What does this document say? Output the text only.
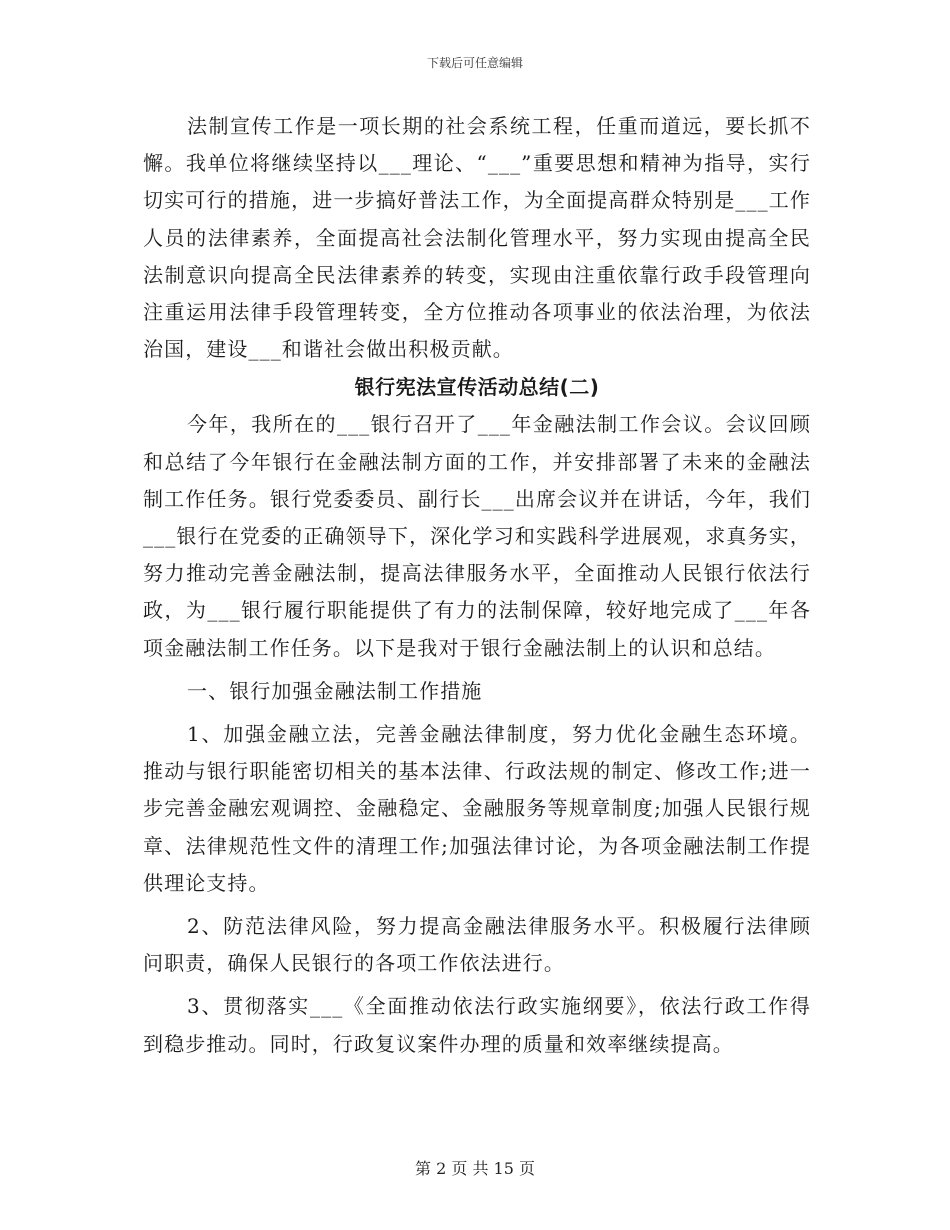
下载后可任意编辑

法制宣传工作是一项长期的社会系统工程，任重而道远，要长抓不懈。我单位将继续坚持以___理论、“___”重要思想和精神为指导，实行切实可行的措施，进一步搞好普法工作，为全面提高群众特别是___工作人员的法律素养，全面提高社会法制化管理水平，努力实现由提高全民法制意识向提高全民法律素养的转变，实现由注重依靠行政手段管理向注重运用法律手段管理转变，全方位推动各项事业的依法治理，为依法治国，建设___和谐社会做出积极贡献。

银行宪法宣传活动总结(二)

今年，我所在的___银行召开了___年金融法制工作会议。会议回顾和总结了今年银行在金融法制方面的工作，并安排部署了未来的金融法制工作任务。银行党委委员、副行长___出席会议并在讲话，今年，我们___银行在党委的正确领导下，深化学习和实践科学进展观，求真务实，努力推动完善金融法制，提高法律服务水平，全面推动人民银行依法行政，为___银行履行职能提供了有力的法制保障，较好地完成了___年各项金融法制工作任务。以下是我对于银行金融法制上的认识和总结。

一、银行加强金融法制工作措施

1、加强金融立法，完善金融法律制度，努力优化金融生态环境。推动与银行职能密切相关的基本法律、行政法规的制定、修改工作;进一步完善金融宏观调控、金融稳定、金融服务等规章制度;加强人民银行规章、法律规范性文件的清理工作;加强法律讨论，为各项金融法制工作提供理论支持。

2、防范法律风险，努力提高金融法律服务水平。积极履行法律顾问职责，确保人民银行的各项工作依法进行。

3、贯彻落实___《全面推动依法行政实施纲要》，依法行政工作得到稳步推动。同时，行政复议案件办理的质量和效率继续提高。

第 2 页 共 15 页
